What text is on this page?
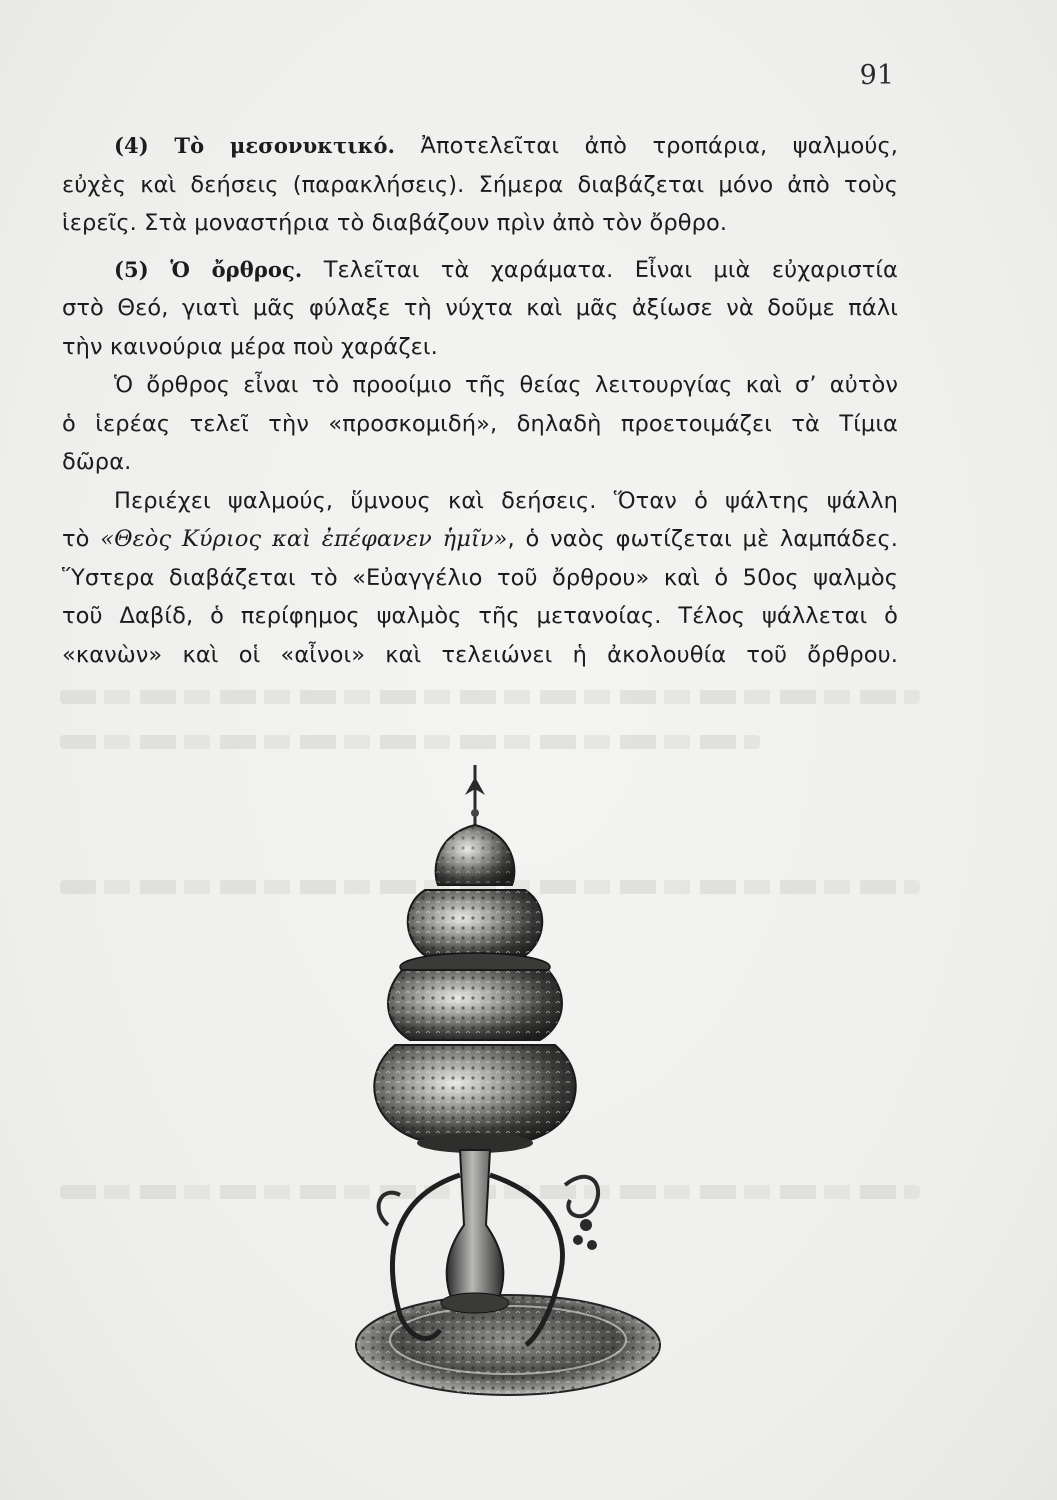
91

(4) Τὸ μεσονυκτικό. Ἀποτελεῖται ἀπὸ τροπάρια, ψαλμούς,
εὐχὲς καὶ δεήσεις (παρακλήσεις). Σήμερα διαβάζεται μόνο ἀπὸ τοὺς

ἱερεῖς. Στὰ μοναστήρια τὸ διαβάζουν πρὶν ἀπὸ τὸν ὄρθρο.

(5) Ὁ ὄρθρος. Τελεῖται τὰ χαράματα. Εἶναι μιὰ εὐχαριστία
στὸ Θεό, γιατὶ μᾶς φύλαξε τὴ νύχτα καὶ μᾶς ἀξίωσε νὰ δοῦμε πάλι

τὴν καινούρια μέρα ποὺ χαράζει.

Ὁ ὄρθρος εἶναι τὸ προοίμιο τῆς θείας λειτουργίας καὶ σ’ αὐτὸν
ὁ ἱερέας τελεῖ τὴν «προσκομιδή», δηλαδὴ προετοιμάζει τὰ Τίμια

δῶρα.

Περιέχει ψαλμούς, ὕμνους καὶ δεήσεις. Ὅταν ὁ ψάλτης ψάλλη
τὸ «Θεὸς Κύριος καὶ ἐπέφανεν ἡμῖν», ὁ ναὸς φωτίζεται μὲ λαμπάδες.
Ὕστερα διαβάζεται τὸ «Εὐαγγέλιο τοῦ ὄρθρου» καὶ ὁ 50ος ψαλμὸς
τοῦ Δαβίδ, ὁ περίφημος ψαλμὸς τῆς μετανοίας. Τέλος ψάλλεται ὁ
«κανὼν» καὶ οἱ «αἶνοι» καὶ τελειώνει ἡ ἀκολουθία τοῦ ὄρθρου.
